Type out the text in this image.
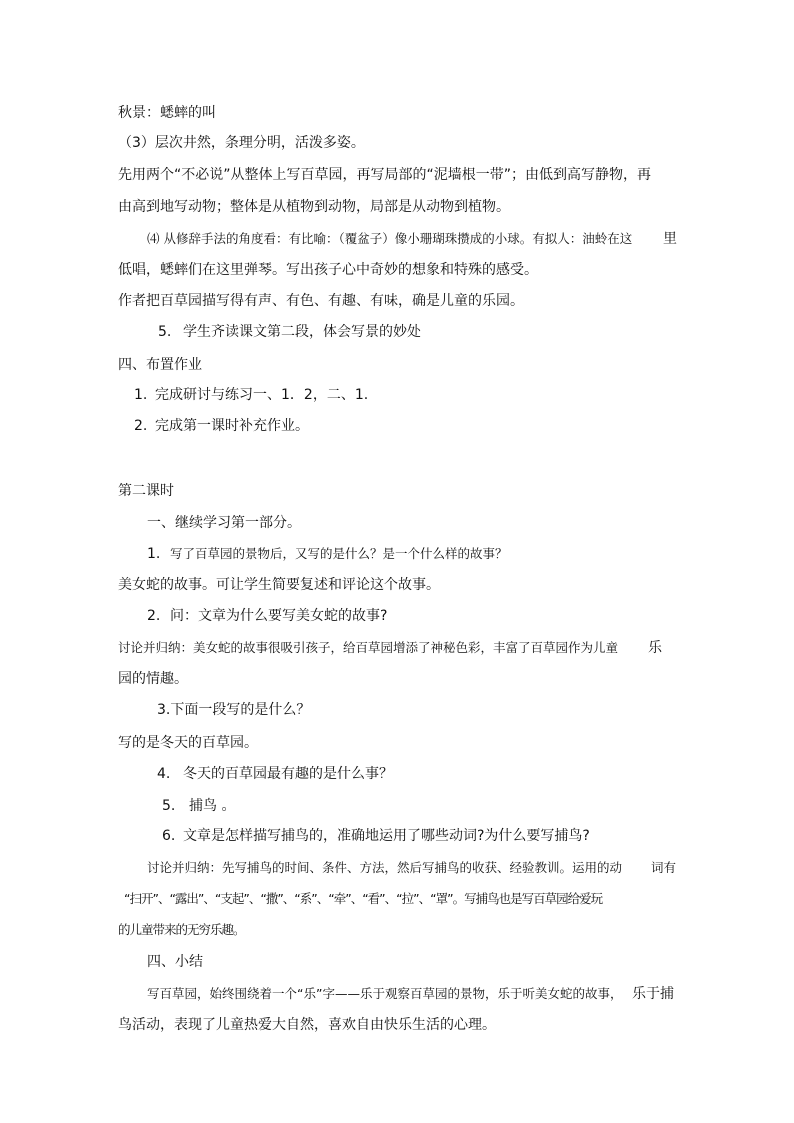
秋景：蟋蟀的叫
（3）层次井然，条理分明，活泼多姿。
先用两个“不必说”从整体上写百草园，再写局部的“泥墙根一带”；由低到高写静物，再
由高到地写动物；整体是从植物到动物，局部是从动物到植物。
⑷ 从修辞手法的角度看：有比喻：（覆盆子）像小珊瑚珠攒成的小球。有拟人：油蛉在这 里
低唱，蟋蟀们在这里弹琴。写出孩子心中奇妙的想象和特殊的感受。
作者把百草园描写得有声、有色、有趣、有味，确是儿童的乐园。
5. 学生齐读课文第二段，体会写景的妙处
四、布置作业
1. 完成研讨与练习一、1．2，二、1.
2. 完成第一课时补充作业。
第二课时
一、继续学习第一部分。
1. 写了百草园的景物后，又写的是什么？是一个什么样的故事？
美女蛇的故事。可让学生简要复述和评论这个故事。
2. 问：文章为什么要写美女蛇的故事?
讨论并归纳：美女蛇的故事很吸引孩子，给百草园增添了神秘色彩，丰富了百草园作为儿童 乐
园的情趣。
3.下面一段写的是什么？
写的是冬天的百草园。
4. 冬天的百草园最有趣的是什么事？
5. 捕鸟 。
6. 文章是怎样描写捕鸟的，准确地运用了哪些动词?为什么要写捕鸟?
讨论并归纳：先写捕鸟的时间、条件、方法，然后写捕鸟的收获、经验教训。运用的动 词有
“扫开”、“露出”、“支起”、“撒”、“系”、“牵”、“看”、“拉”、“罩”。写捕鸟也是写百草园给爱玩
的儿童带来的无穷乐趣。
四、小结
写百草园，始终围绕着一个“乐”字——乐于观察百草园的景物，乐于听美女蛇的故事， 乐于捕
鸟活动，表现了儿童热爱大自然，喜欢自由快乐生活的心理。
